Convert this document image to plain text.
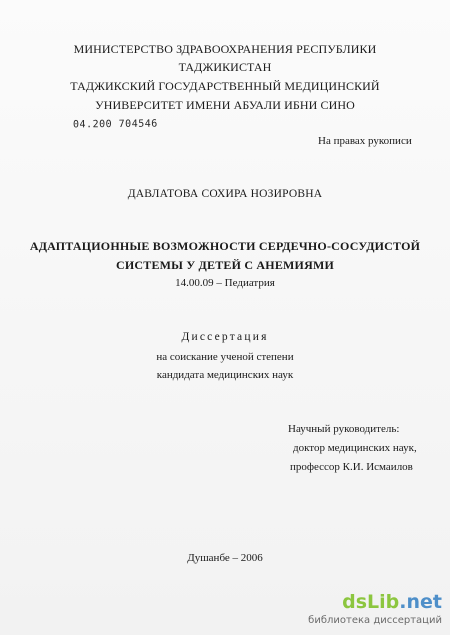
МИНИСТЕРСТВО ЗДРАВООХРАНЕНИЯ РЕСПУБЛИКИ
ТАДЖИКИСТАН
ТАДЖИКСКИЙ ГОСУДАРСТВЕННЫЙ МЕДИЦИНСКИЙ
УНИВЕРСИТЕТ ИМЕНИ АБУАЛИ ИБНИ СИНО
04.200 704546
На правах рукописи
ДАВЛАТОВА СОХИРА НОЗИРОВНА
АДАПТАЦИОННЫЕ ВОЗМОЖНОСТИ СЕРДЕЧНО-СОСУДИСТОЙ
СИСТЕМЫ У ДЕТЕЙ С АНЕМИЯМИ
14.00.09 – Педиатрия
Диссертация
на соискание ученой степени
кандидата медицинских наук
Научный руководитель:
доктор медицинских наук,
профессор К.И. Исмаилов
Душанбе – 2006
dsLib.net
библиотека диссертаций
